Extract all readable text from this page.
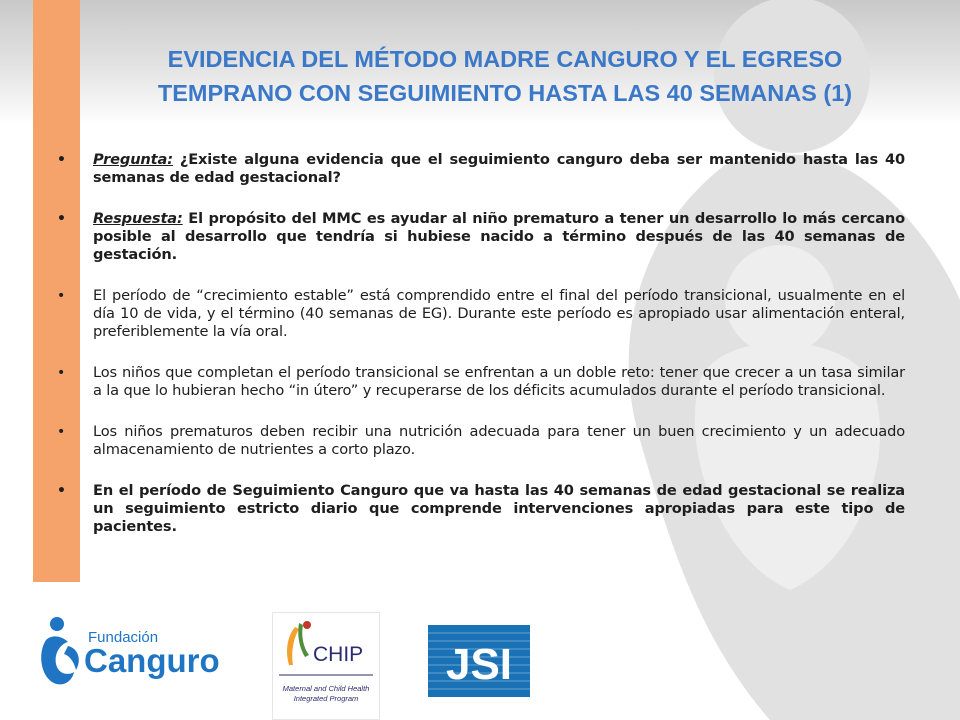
EVIDENCIA DEL MÉTODO MADRE CANGURO Y EL EGRESO
TEMPRANO CON SEGUIMIENTO HASTA LAS 40 SEMANAS (1)
• Pregunta: ¿Existe alguna evidencia que el seguimiento canguro deba ser mantenido hasta las 40 semanas de edad gestacional?
• Respuesta: El propósito del MMC es ayudar al niño prematuro a tener un desarrollo lo más cercano posible al desarrollo que tendría si hubiese nacido a término después de las 40 semanas de gestación.
• El período de “crecimiento estable” está comprendido entre el final del período transicional, usualmente en el día 10 de vida, y el término (40 semanas de EG). Durante este período es apropiado usar alimentación enteral, preferiblemente la vía oral.
• Los niños que completan el período transicional se enfrentan a un doble reto: tener que crecer a un tasa similar a la que lo hubieran hecho “in útero” y recuperarse de los déficits acumulados durante el período transicional.
• Los niños prematuros deben recibir una nutrición adecuada para tener un buen crecimiento y un adecuado almacenamiento de nutrientes a corto plazo.
• En el período de Seguimiento Canguro que va hasta las 40 semanas de edad gestacional se realiza un seguimiento estricto diario que comprende intervenciones apropiadas para este tipo de pacientes.
Fundación
Canguro	CHIP
Maternal and Child Health
Integrated Program
JSI
